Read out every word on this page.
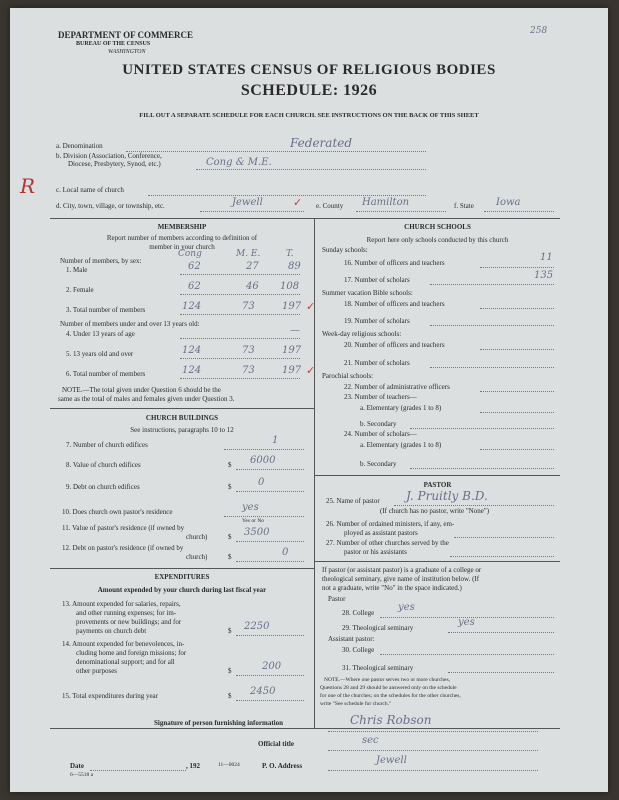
DEPARTMENT OF COMMERCE
BUREAU OF THE CENSUS
WASHINGTON
258
UNITED STATES CENSUS OF RELIGIOUS BODIES
SCHEDULE: 1926
FILL OUT A SEPARATE SCHEDULE FOR EACH CHURCH. SEE INSTRUCTIONS ON THE BACK OF THIS SHEET
a. Denomination	Federated
b. Division (Association, Conference,
Diocese, Presbytery, Synod, etc.)	Cong & M.E.
R	c. Local name of church
d. City, town, village, or township, etc.	Jewell	✓ e. County Hamilton	f. State Iowa
MEMBERSHIP
Report number of members according to definition of
member in your church
Number of members, by sex:
Cong	M. E.	T.
1. Male	62	27	89
2. Female	62	46 108
3. Total number of members	124	73	197 ✓
Number of members under and over 13 years old:
4. Under 13 years of age	—
5. 13 years old and over	124	73	197
6. Total number of members	124	73	197 ✓
NOTE.—The total given under Question 6 should be the
same as the total of males and females given under Question 3.
CHURCH BUILDINGS
See instructions, paragraphs 10 to 12
7. Number of church edifices	1
8. Value of church edifices	$ 6000
9. Debt on church edifices	$	0
10. Does church own pastor's residence	yes
Yes or No
11. Value of pastor's residence (if owned by
church)	$ 3500
12. Debt on pastor's residence (if owned by
church)	$	0
EXPENDITURES
Amount expended by your church during last fiscal year
13. Amount expended for salaries, repairs,
and other running expenses; for im-
provements or new buildings; and for
payments on church debt	$ 2250
14. Amount expended for benevolences, in-
cluding home and foreign missions; for
denominational support; and for all
other purposes	$	200
15. Total expenditures during year	$ 2450
CHURCH SCHOOLS
Report here only schools conducted by this church
Sunday schools:
16. Number of officers and teachers	11
17. Number of scholars	135
Summer vacation Bible schools:
18. Number of officers and teachers
19. Number of scholars
Week-day religious schools:
20. Number of officers and teachers
21. Number of scholars
Parochial schools:
22. Number of administrative officers
23. Number of teachers—
a. Elementary (grades 1 to 8)
b. Secondary
24. Number of scholars—
a. Elementary (grades 1 to 8)
b. Secondary
PASTOR
25. Name of pastor J. Pruitly B.D.
(If church has no pastor, write "None")
26. Number of ordained ministers, if any, em-
ployed as assistant pastors
27. Number of other churches served by the
pastor or his assistants
If pastor (or assistant pastor) is a graduate of a college or
theological seminary, give name of institution below. (If
not a graduate, write "No" in the space indicated.)
Pastor
28. College yes
29. Theological seminary	yes
Assistant pastor:
30. College
31. Theological seminary
NOTE.—Where one pastor serves two or more churches,
Questions 28 and 29 should be answered only on the schedule
for one of the churches; on the schedules for the other churches,
write "See schedule for church."
Signature of person furnishing information	Chris Robson
Official title	sec
Date	, 192	P. O. Address	Jewell
6—5518 a
11—0024
